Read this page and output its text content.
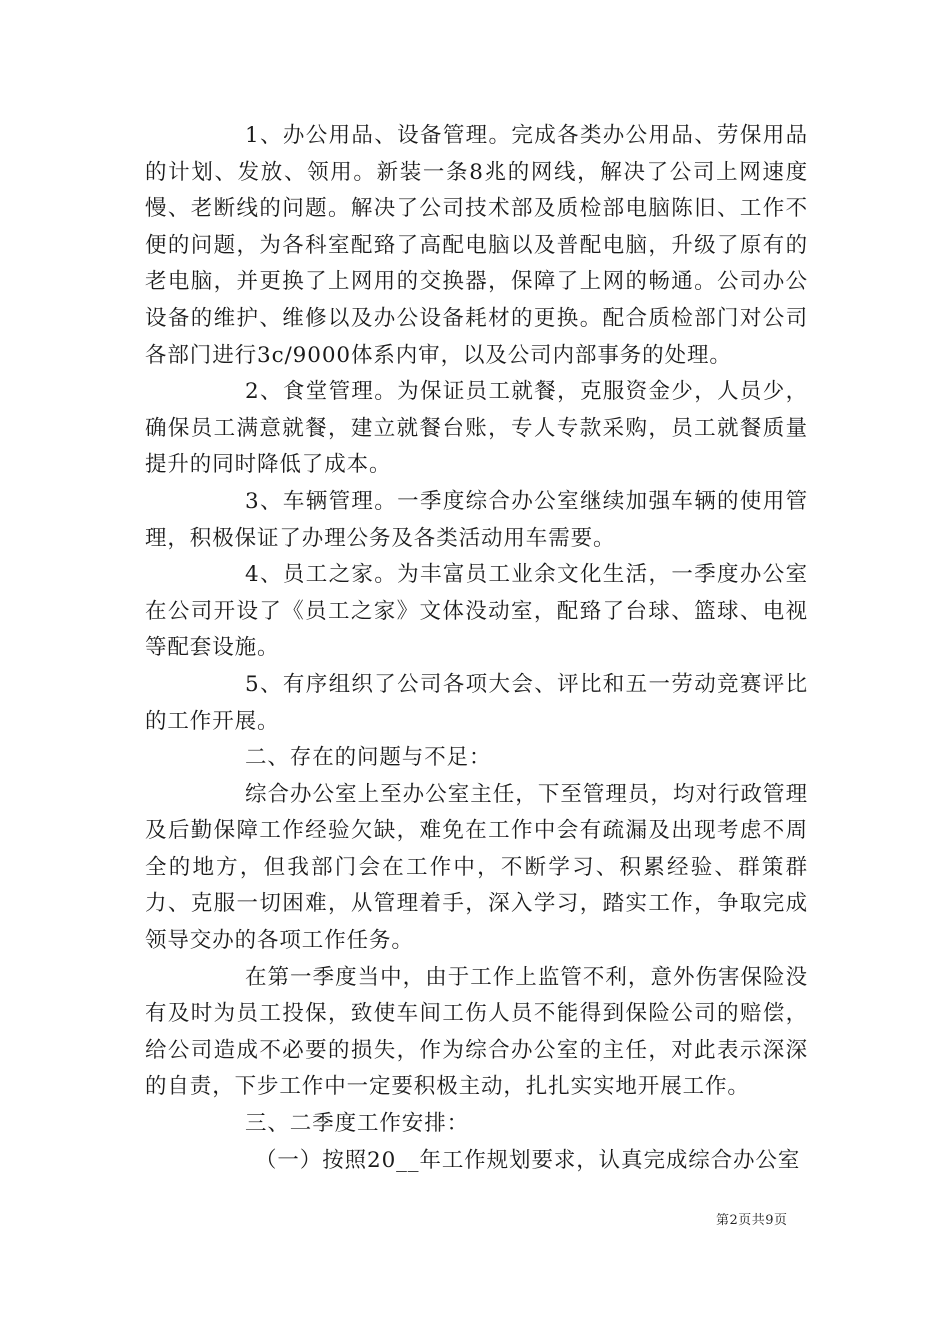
1、办公用品、设备管理。完成各类办公用品、劳保用品的计划、发放、领用。新装一条8兆的网线，解决了公司上网速度慢、老断线的问题。解决了公司技术部及质检部电脑陈旧、工作不便的问题，为各科室配臵了高配电脑以及普配电脑，升级了原有的老电脑，并更换了上网用的交换器，保障了上网的畅通。公司办公设备的维护、维修以及办公设备耗材的更换。配合质检部门对公司各部门进行3c/9000体系内审，以及公司内部事务的处理。

2、食堂管理。为保证员工就餐，克服资金少，人员少，确保员工满意就餐，建立就餐台账，专人专款采购，员工就餐质量提升的同时降低了成本。

3、车辆管理。一季度综合办公室继续加强车辆的使用管理，积极保证了办理公务及各类活动用车需要。

4、员工之家。为丰富员工业余文化生活，一季度办公室在公司开设了《员工之家》文体没动室，配臵了台球、篮球、电视等配套设施。

5、有序组织了公司各项大会、评比和五一劳动竞赛评比的工作开展。

二、存在的问题与不足：

综合办公室上至办公室主任，下至管理员，均对行政管理及后勤保障工作经验欠缺，难免在工作中会有疏漏及出现考虑不周全的地方，但我部门会在工作中，不断学习、积累经验、群策群力、克服一切困难，从管理着手，深入学习，踏实工作，争取完成领导交办的各项工作任务。

在第一季度当中，由于工作上监管不利，意外伤害保险没有及时为员工投保，致使车间工伤人员不能得到保险公司的赔偿，给公司造成不必要的损失，作为综合办公室的主任，对此表示深深的自责，下步工作中一定要积极主动，扎扎实实地开展工作。

三、二季度工作安排：

（一）按照20__年工作规划要求，认真完成综合办公室

第2页共9页
